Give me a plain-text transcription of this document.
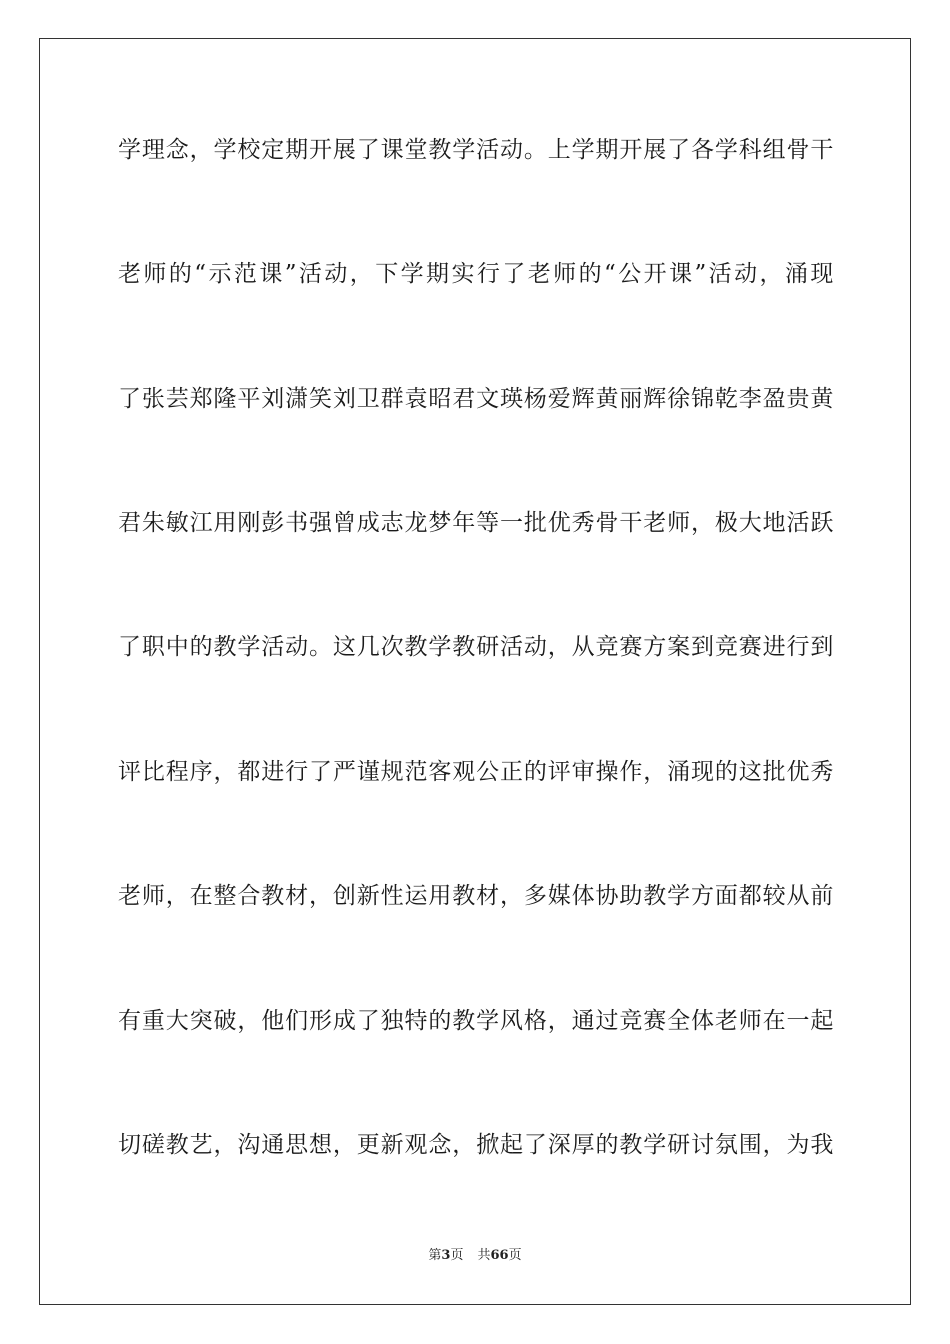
学理念，学校定期开展了课堂教学活动。上学期开展了各学科组骨干
老师的“示范课”活动，下学期实行了老师的“公开课”活动，涌现
了张芸郑隆平刘潇笑刘卫群袁昭君文瑛杨爱辉黄丽辉徐锦乾李盈贵黄
君朱敏江用刚彭书强曾成志龙梦年等一批优秀骨干老师，极大地活跃
了职中的教学活动。这几次教学教研活动，从竞赛方案到竞赛进行到
评比程序，都进行了严谨规范客观公正的评审操作，涌现的这批优秀
老师，在整合教材，创新性运用教材，多媒体协助教学方面都较从前
有重大突破，他们形成了独特的教学风格，通过竞赛全体老师在一起
切磋教艺，沟通思想，更新观念，掀起了深厚的教学研讨氛围，为我
第3页 共66页
